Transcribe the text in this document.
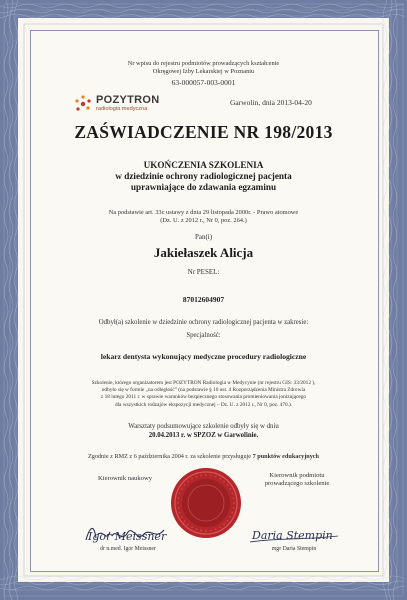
Nr wpisu do rejestru podmiotów prowadzących kształcenie
Okręgowej Izby Lekarskiej w Poznaniu
63-000057-003-0001
POZYTRON
radiologia medyczna
Garwolin, dnia 2013-04-20
ZAŚWIADCZENIE NR 198/2013
UKOŃCZENIA SZKOLENIA
w dziedzinie ochrony radiologicznej pacjenta
uprawniające do zdawania egzaminu
Na podstawie art. 33c ustawy z dnia 29 listopada 2000r. - Prawo atomowe
(Dz. U. z 2012 r., Nr 0, poz. 264.)
Pan(i)
Jakiełaszek Alicja
Nr PESEL:
87012604907
Odbył(a) szkolenie w dziedzinie ochrony radiologicznej pacjenta w zakresie:
Specjalność:
lekarz dentysta wykonujący medyczne procedury radiologiczne
Szkolenie, którego organizatorem jest POZYTRON Radiologia w Medycynie (nr rejestru GIS: 33/2012 ),
odbyło się w formie „na odległość” (na podstawie § 10 ust. 4 Rozporządzenia Ministra Zdrowia
z 18 lutego 2011 r. w sprawie warunków bezpiecznego stosowania promieniowania jonizującego
dla wszystkich rodzajów ekspozycji medycznej – Dz. U. z 2012 r., Nr 0, poz. 470.).
Warsztaty podsumowujące szkolenie odbyły się w dniu
20.04.2013 r. w SPZOZ w Garwolinie.
Zgodnie z RMZ z 6 października 2004 r. za szkolenie przysługuje 7 punktów edukacyjnych
Kierownik naukowy	Kierownik podmiotu
prowadzącego szkolenie
Igor Meissner	Daria Stempin
dr n.med. Igor Meissner	mgr Daria Stempin
